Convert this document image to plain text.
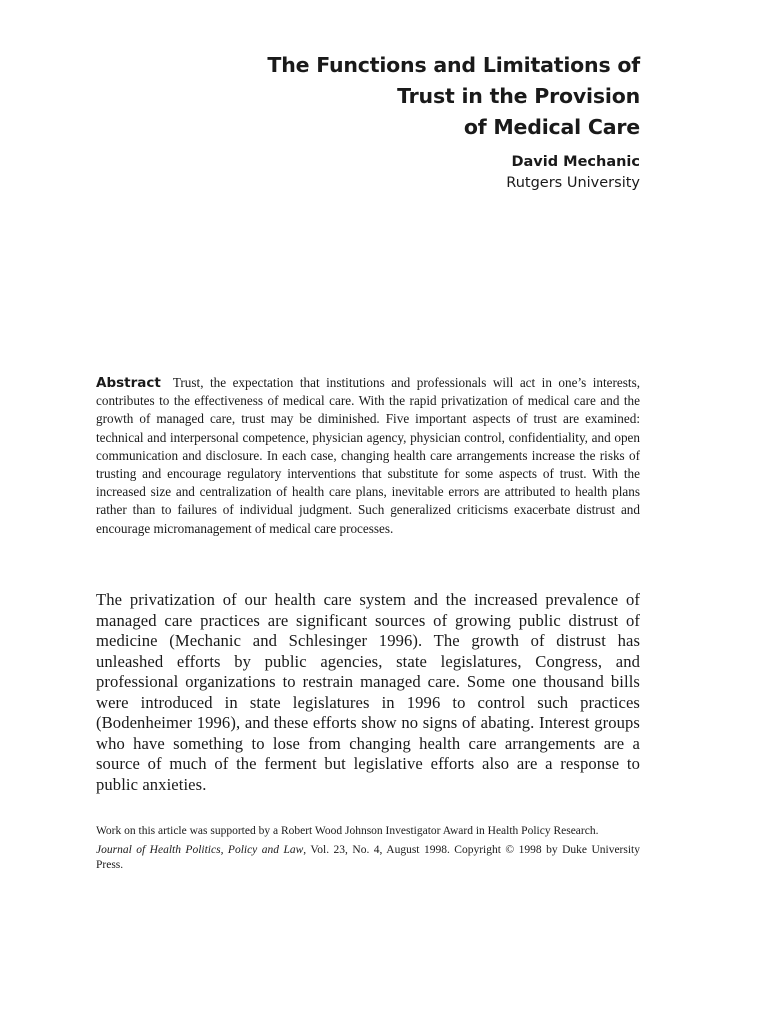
The Functions and Limitations of
Trust in the Provision
of Medical Care
David Mechanic
Rutgers University

Abstract Trust, the expectation that institutions and professionals will act in one’s interests, contributes to the effectiveness of medical care. With the rapid privatization of medical care and the growth of managed care, trust may be diminished. Five important aspects of trust are examined: technical and interpersonal competence, physician agency, physician control, confidentiality, and open communication and disclosure. In each case, changing health care arrangements increase the risks of trusting and encourage regulatory interventions that substitute for some aspects of trust. With the increased size and centralization of health care plans, inevitable errors are attributed to health plans rather than to failures of individual judgment. Such generalized criticisms exacerbate distrust and encourage micromanagement of medical care processes.

The privatization of our health care system and the increased prevalence of managed care practices are significant sources of growing public distrust of medicine (Mechanic and Schlesinger 1996). The growth of distrust has unleashed efforts by public agencies, state legislatures, Congress, and professional organizations to restrain managed care. Some one thousand bills were introduced in state legislatures in 1996 to control such practices (Bodenheimer 1996), and these efforts show no signs of abating. Interest groups who have something to lose from changing health care arrangements are a source of much of the ferment but legislative efforts also are a response to public anxieties.

Work on this article was supported by a Robert Wood Johnson Investigator Award in Health Policy Research.

Journal of Health Politics, Policy and Law, Vol. 23, No. 4, August 1998. Copyright © 1998 by Duke University Press.
